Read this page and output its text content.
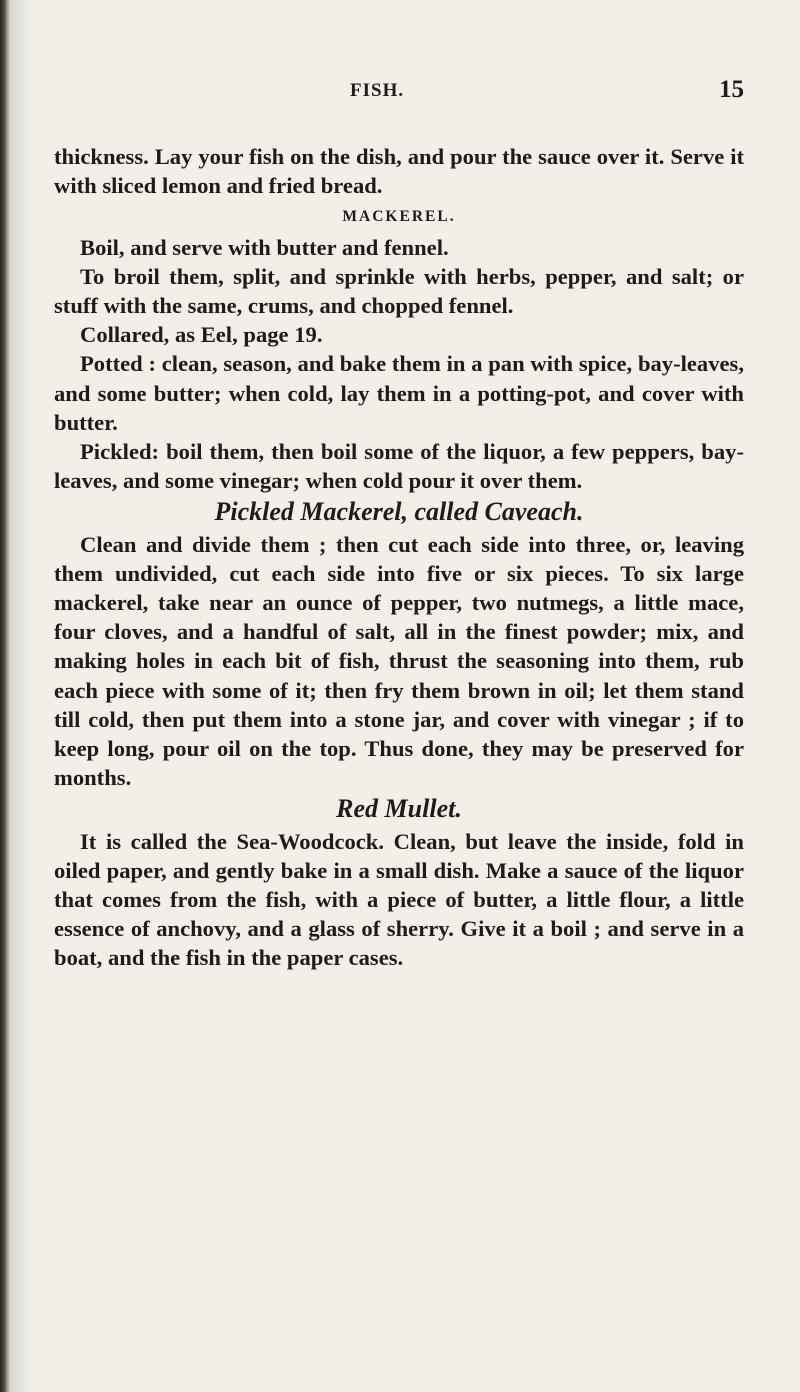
FISH.	15

thickness. Lay your fish on the dish, and pour the sauce over it. Serve it with sliced lemon and fried bread.

MACKEREL.

Boil, and serve with butter and fennel.

To broil them, split, and sprinkle with herbs, pepper, and salt; or stuff with the same, crums, and chopped fennel.

Collared, as Eel, page 19.

Potted : clean, season, and bake them in a pan with spice, bay-leaves, and some butter; when cold, lay them in a potting-pot, and cover with butter.

Pickled: boil them, then boil some of the liquor, a few peppers, bay-leaves, and some vinegar; when cold pour it over them.

Pickled Mackerel, called Caveach.

Clean and divide them ; then cut each side into three, or, leaving them undivided, cut each side into five or six pieces. To six large mackerel, take near an ounce of pepper, two nutmegs, a little mace, four cloves, and a handful of salt, all in the finest powder; mix, and making holes in each bit of fish, thrust the seasoning into them, rub each piece with some of it; then fry them brown in oil; let them stand till cold, then put them into a stone jar, and cover with vinegar ; if to keep long, pour oil on the top. Thus done, they may be preserved for months.

Red Mullet.

It is called the Sea-Woodcock. Clean, but leave the inside, fold in oiled paper, and gently bake in a small dish. Make a sauce of the liquor that comes from the fish, with a piece of butter, a little flour, a little essence of anchovy, and a glass of sherry. Give it a boil ; and serve in a boat, and the fish in the paper cases.
